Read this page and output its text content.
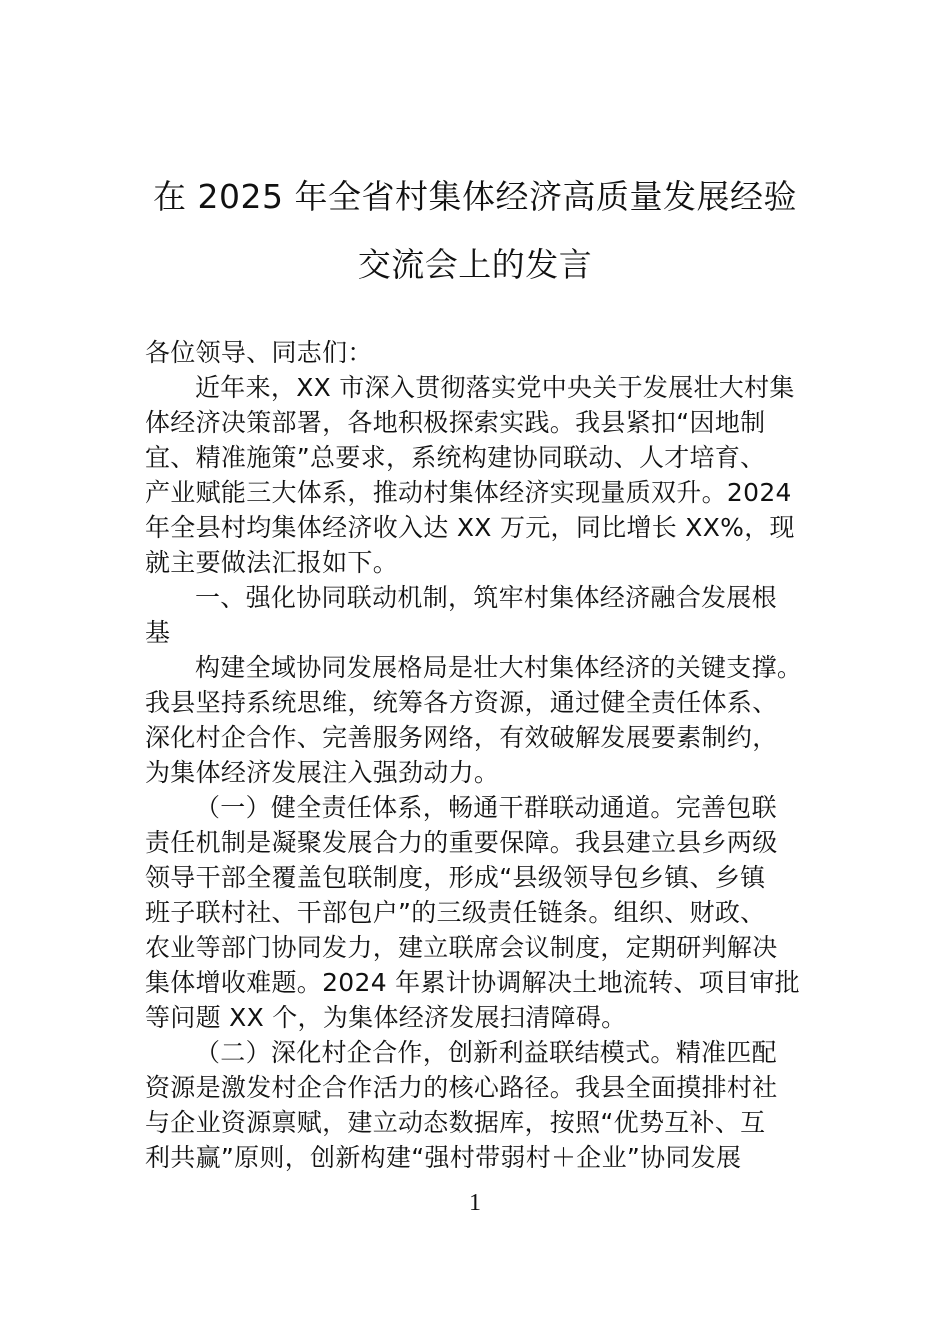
在 2025 年全省村集体经济高质量发展经验
交流会上的发言
各位领导、同志们：
近年来，XX 市深入贯彻落实党中央关于发展壮大村集
体经济决策部署，各地积极探索实践。我县紧扣“因地制
宜、精准施策”总要求，系统构建协同联动、人才培育、
产业赋能三大体系，推动村集体经济实现量质双升。2024
年全县村均集体经济收入达 XX 万元，同比增长 XX%，现
就主要做法汇报如下。
一、强化协同联动机制，筑牢村集体经济融合发展根
基
构建全域协同发展格局是壮大村集体经济的关键支撑。
我县坚持系统思维，统筹各方资源，通过健全责任体系、
深化村企合作、完善服务网络，有效破解发展要素制约，
为集体经济发展注入强劲动力。
（一）健全责任体系，畅通干群联动通道。完善包联
责任机制是凝聚发展合力的重要保障。我县建立县乡两级
领导干部全覆盖包联制度，形成“县级领导包乡镇、乡镇
班子联村社、干部包户”的三级责任链条。组织、财政、
农业等部门协同发力，建立联席会议制度，定期研判解决
集体增收难题。2024 年累计协调解决土地流转、项目审批
等问题 XX 个，为集体经济发展扫清障碍。
（二）深化村企合作，创新利益联结模式。精准匹配
资源是激发村企合作活力的核心路径。我县全面摸排村社
与企业资源禀赋，建立动态数据库，按照“优势互补、互
利共赢”原则，创新构建“强村带弱村＋企业”协同发展
1
